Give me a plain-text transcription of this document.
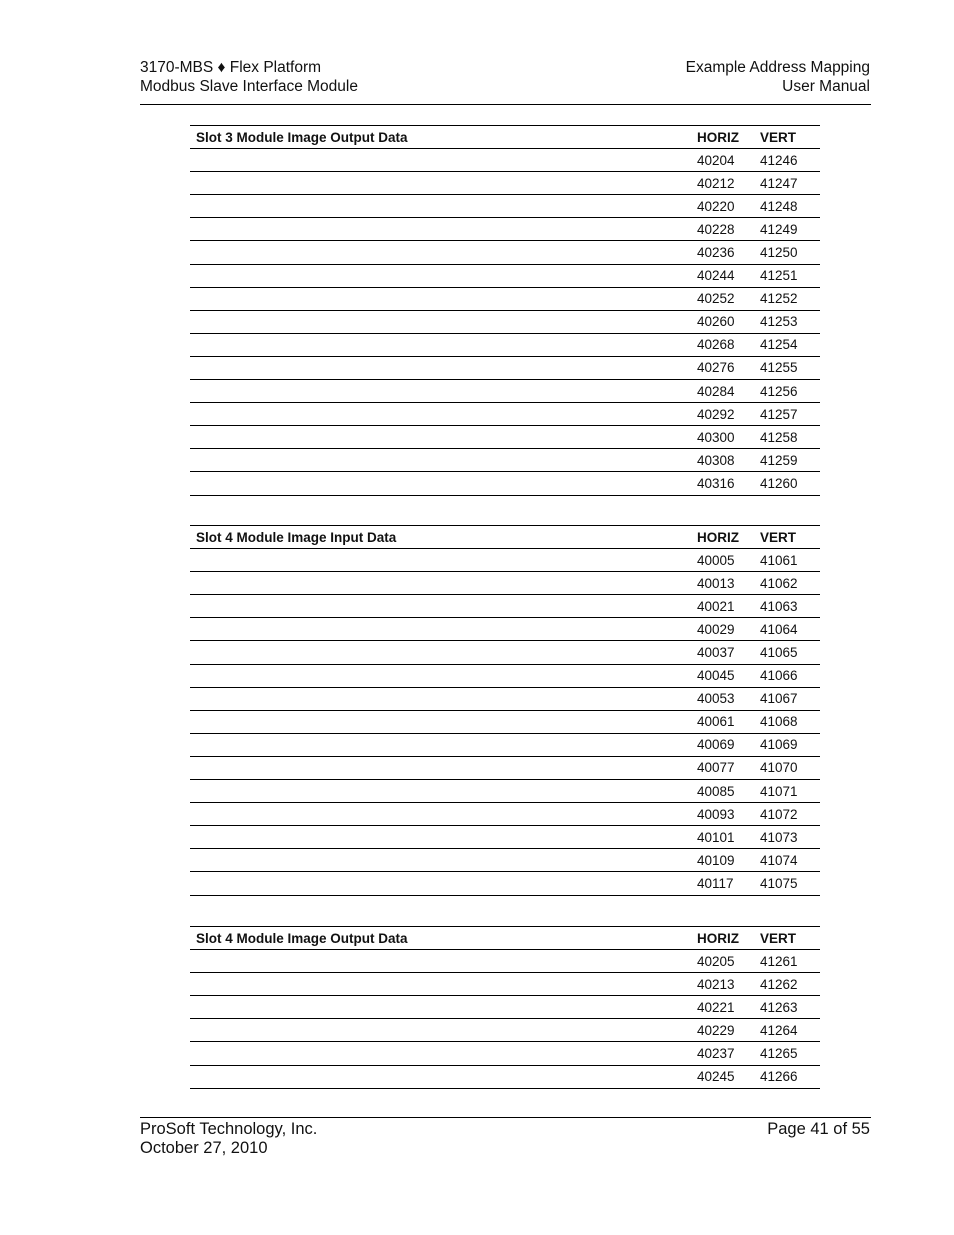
3170-MBS ♦ Flex Platform
Modbus Slave Interface Module
Example Address Mapping
User Manual
Slot 3 Module Image Output Data	HORIZ	VERT
	40204	41246
	40212	41247
	40220	41248
	40228	41249
	40236	41250
	40244	41251
	40252	41252
	40260	41253
	40268	41254
	40276	41255
	40284	41256
	40292	41257
	40300	41258
	40308	41259
	40316	41260
Slot 4 Module Image Input Data	HORIZ	VERT
	40005	41061
	40013	41062
	40021	41063
	40029	41064
	40037	41065
	40045	41066
	40053	41067
	40061	41068
	40069	41069
	40077	41070
	40085	41071
	40093	41072
	40101	41073
	40109	41074
	40117	41075
Slot 4 Module Image Output Data	HORIZ	VERT
	40205	41261
	40213	41262
	40221	41263
	40229	41264
	40237	41265
	40245	41266
ProSoft Technology, Inc.
October 27, 2010
Page 41 of 55
